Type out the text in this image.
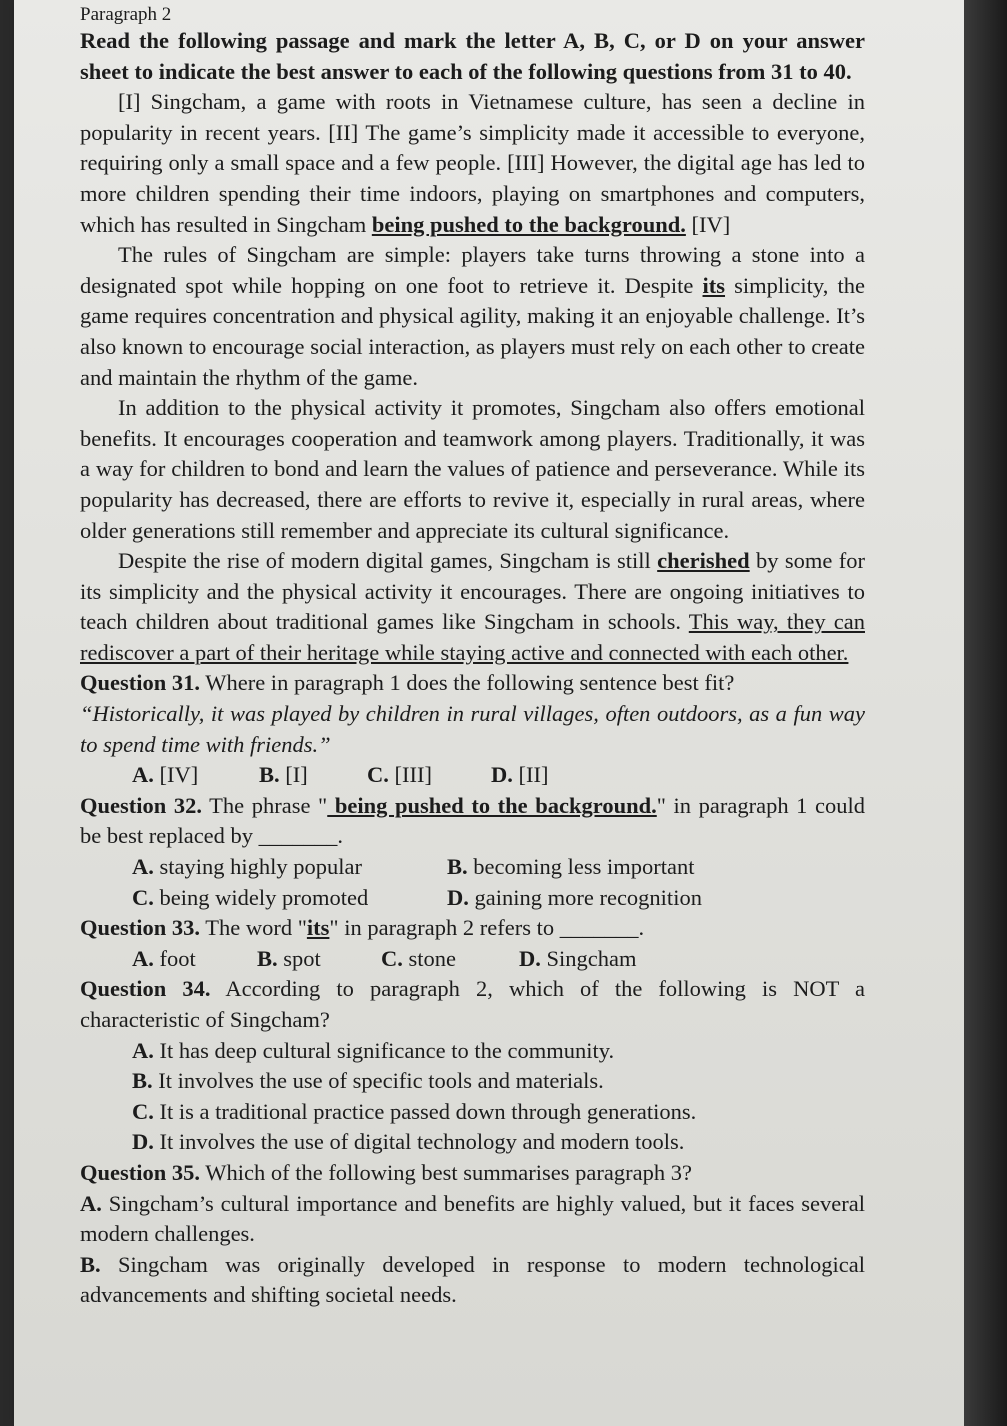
Paragraph 2

Read the following passage and mark the letter A, B, C, or D on your answer sheet to indicate the best answer to each of the following questions from 31 to 40.

[I] Singcham, a game with roots in Vietnamese culture, has seen a decline in popularity in recent years. [II] The game’s simplicity made it accessible to everyone, requiring only a small space and a few people. [III] However, the digital age has led to more children spending their time indoors, playing on smartphones and computers, which has resulted in Singcham being pushed to the background. [IV]

The rules of Singcham are simple: players take turns throwing a stone into a designated spot while hopping on one foot to retrieve it. Despite its simplicity, the game requires concentration and physical agility, making it an enjoyable challenge. It’s also known to encourage social interaction, as players must rely on each other to create and maintain the rhythm of the game.

In addition to the physical activity it promotes, Singcham also offers emotional benefits. It encourages cooperation and teamwork among players. Traditionally, it was a way for children to bond and learn the values of patience and perseverance. While its popularity has decreased, there are efforts to revive it, especially in rural areas, where older generations still remember and appreciate its cultural significance.

Despite the rise of modern digital games, Singcham is still cherished by some for its simplicity and the physical activity it encourages. There are ongoing initiatives to teach children about traditional games like Singcham in schools. This way, they can rediscover a part of their heritage while staying active and connected with each other.

Question 31. Where in paragraph 1 does the following sentence best fit?

“Historically, it was played by children in rural villages, often outdoors, as a fun way to spend time with friends.”

A. [IV]	B. [I]	C. [III]	D. [II]

Question 32. The phrase " being pushed to the background." in paragraph 1 could be best replaced by _______.

A. staying highly popular	B. becoming less important
C. being widely promoted	D. gaining more recognition

Question 33. The word "its" in paragraph 2 refers to _______.

A. foot	B. spot	C. stone	D. Singcham

Question 34. According to paragraph 2, which of the following is NOT a characteristic of Singcham?

A. It has deep cultural significance to the community.
B. It involves the use of specific tools and materials.
C. It is a traditional practice passed down through generations.
D. It involves the use of digital technology and modern tools.

Question 35. Which of the following best summarises paragraph 3?

A. Singcham’s cultural importance and benefits are highly valued, but it faces several modern challenges.

B. Singcham was originally developed in response to modern technological advancements and shifting societal needs.
